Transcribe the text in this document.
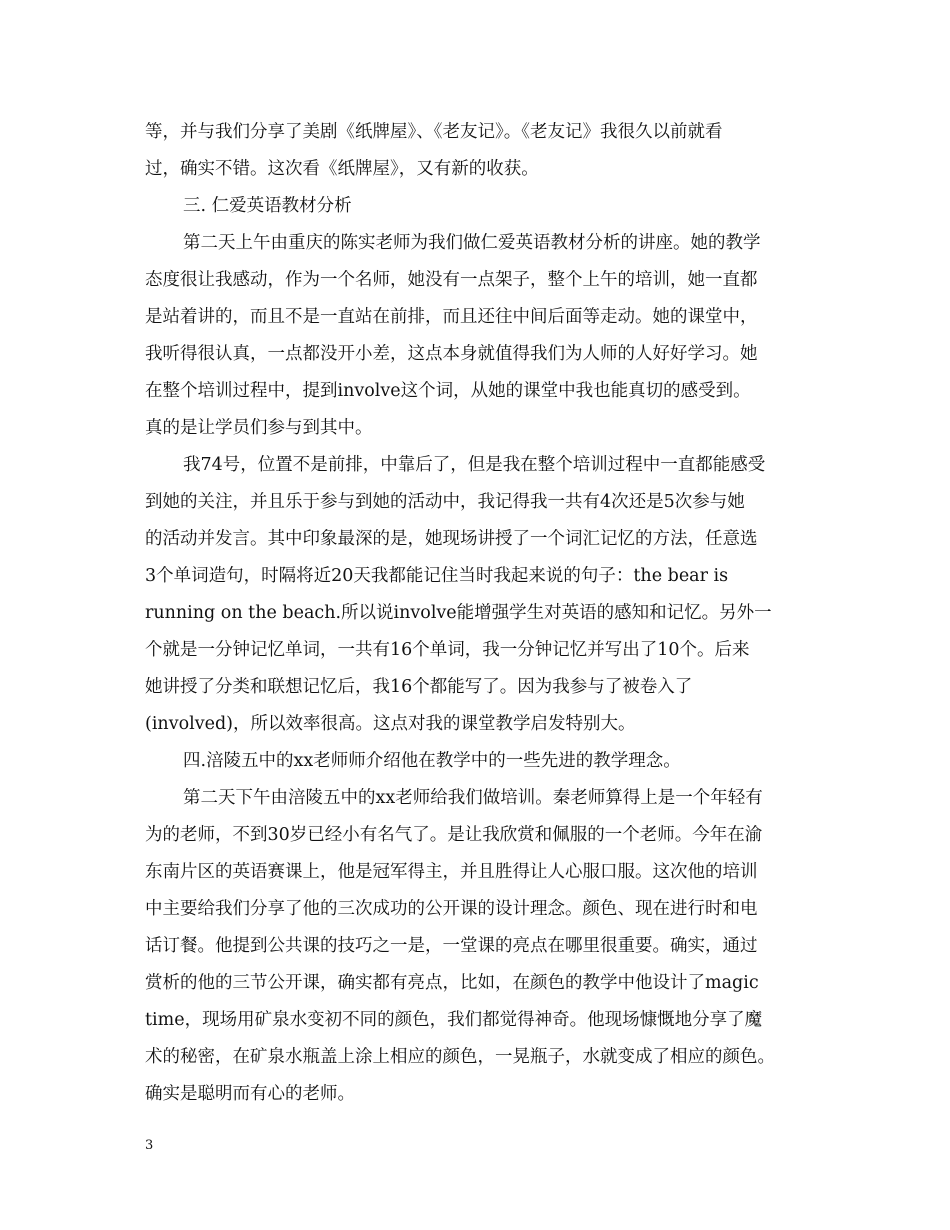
等，并与我们分享了美剧《纸牌屋》、《老友记》。《老友记》我很久以前就看
过，确实不错。这次看《纸牌屋》，又有新的收获。
三. 仁爱英语教材分析
第二天上午由重庆的陈实老师为我们做仁爱英语教材分析的讲座。她的教学
态度很让我感动，作为一个名师，她没有一点架子，整个上午的培训，她一直都
是站着讲的，而且不是一直站在前排，而且还往中间后面等走动。她的课堂中，
我听得很认真，一点都没开小差，这点本身就值得我们为人师的人好好学习。她
在整个培训过程中，提到involve这个词，从她的课堂中我也能真切的感受到。
真的是让学员们参与到其中。
我74号，位置不是前排，中靠后了，但是我在整个培训过程中一直都能感受
到她的关注，并且乐于参与到她的活动中，我记得我一共有4次还是5次参与她
的活动并发言。其中印象最深的是，她现场讲授了一个词汇记忆的方法，任意选
3个单词造句，时隔将近20天我都能记住当时我起来说的句子：the bear is
running on the beach.所以说involve能增强学生对英语的感知和记忆。另外一
个就是一分钟记忆单词，一共有16个单词，我一分钟记忆并写出了10个。后来
她讲授了分类和联想记忆后，我16个都能写了。因为我参与了被卷入了
(involved)，所以效率很高。这点对我的课堂教学启发特别大。
四.涪陵五中的xx老师师介绍他在教学中的一些先进的教学理念。
第二天下午由涪陵五中的xx老师给我们做培训。秦老师算得上是一个年轻有
为的老师，不到30岁已经小有名气了。是让我欣赏和佩服的一个老师。今年在渝
东南片区的英语赛课上，他是冠军得主，并且胜得让人心服口服。这次他的培训
中主要给我们分享了他的三次成功的公开课的设计理念。颜色、现在进行时和电
话订餐。他提到公共课的技巧之一是，一堂课的亮点在哪里很重要。确实，通过
赏析的他的三节公开课，确实都有亮点，比如，在颜色的教学中他设计了magic
time，现场用矿泉水变初不同的颜色，我们都觉得神奇。他现场慷慨地分享了魔
术的秘密，在矿泉水瓶盖上涂上相应的颜色，一晃瓶子，水就变成了相应的颜色。
确实是聪明而有心的老师。
3
